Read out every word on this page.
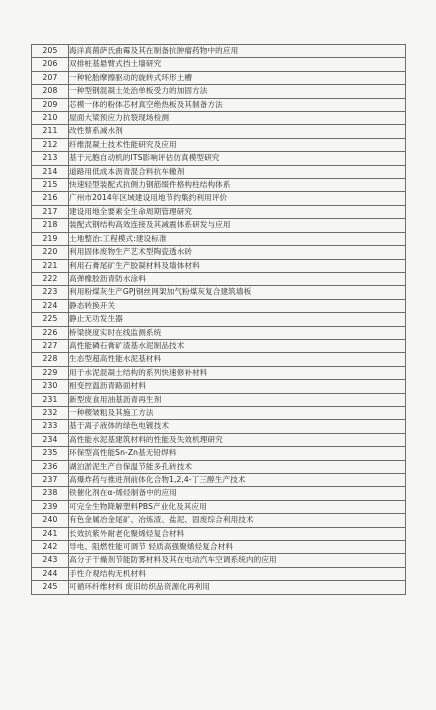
205	海洋真菌萨氏曲霉及其在制备抗肿瘤药物中的应用
206	双排桩基悬臂式挡土墙研究
207	一种轮胎摩擦驱动的旋转式环形土槽
208	一种型钢混凝土处治单板受力的加固方法
209	芯模一体的粉体芯材真空绝热板及其制备方法
210	屋面大梁预应力抗裂现场检测
211	改性蔡系减水剂
212	纤维混凝土技术性能研究及应用
213	基于元胞自动机的ITS影响评估仿真模型研究
214	道路用低成本沥青混合料抗车辙剂
215	快速轻型装配式抗侧力钢筋缀件格构柱结构体系
216	广州市2014年区域建设用地节约集约利用评价
217	建设用地全要素全生命周期管理研究
218	装配式钢结构高效连接及其减震体系研发与应用
219	土地整治:工程模式:建设标准
220	利用固体废物生产艺术型陶瓷透水砖
221	利用石膏尾矿生产胶凝材料及墙体材料
222	高弹橡胶沥青防水涂料
223	利用粉煤灰生产GPJ钢丝网架加气粉煤灰复合建筑墙板
224	静态转换开关
225	静止无功发生器
226	桥梁挠度实时在线监测系统
227	高性能磷石膏矿渣基水泥制品技术
228	生态型超高性能水泥基材料
229	用于水泥混凝土结构的系列快速修补材料
230	相变控温沥青路面材料
231	新型废食用油基沥青再生剂
232	一种稷皱粗及其施工方法
233	基于离子液体的绿色电镀技术
234	高性能水泥基建筑材料的性能及失效机理研究
235	环保型高性能Sn-Zn基无铅焊料
236	湖泊淤泥生产自保温节能多孔砖技术
237	高爆炸药与推进剂前体化合物1,2,4-丁三醇生产技术
238	铁催化剂在α-烯烃制备中的应用
239	可完全生物降解塑料PBS产业化及其应用
240	有色金属冶金尾矿、冶炼渣、盐泥、固废综合利用技术
241	长效抗紫外耐老化聚烯烃复合材料
242	导电、阻燃性能可调节 轻质高强聚烯烃复合材料
243	高分子干燥剂节能防雾材料及其在电动汽车空调系统内的应用
244	手性介观结构无机材料
245	可循环纤维材料 废旧纺织品资源化再利用
